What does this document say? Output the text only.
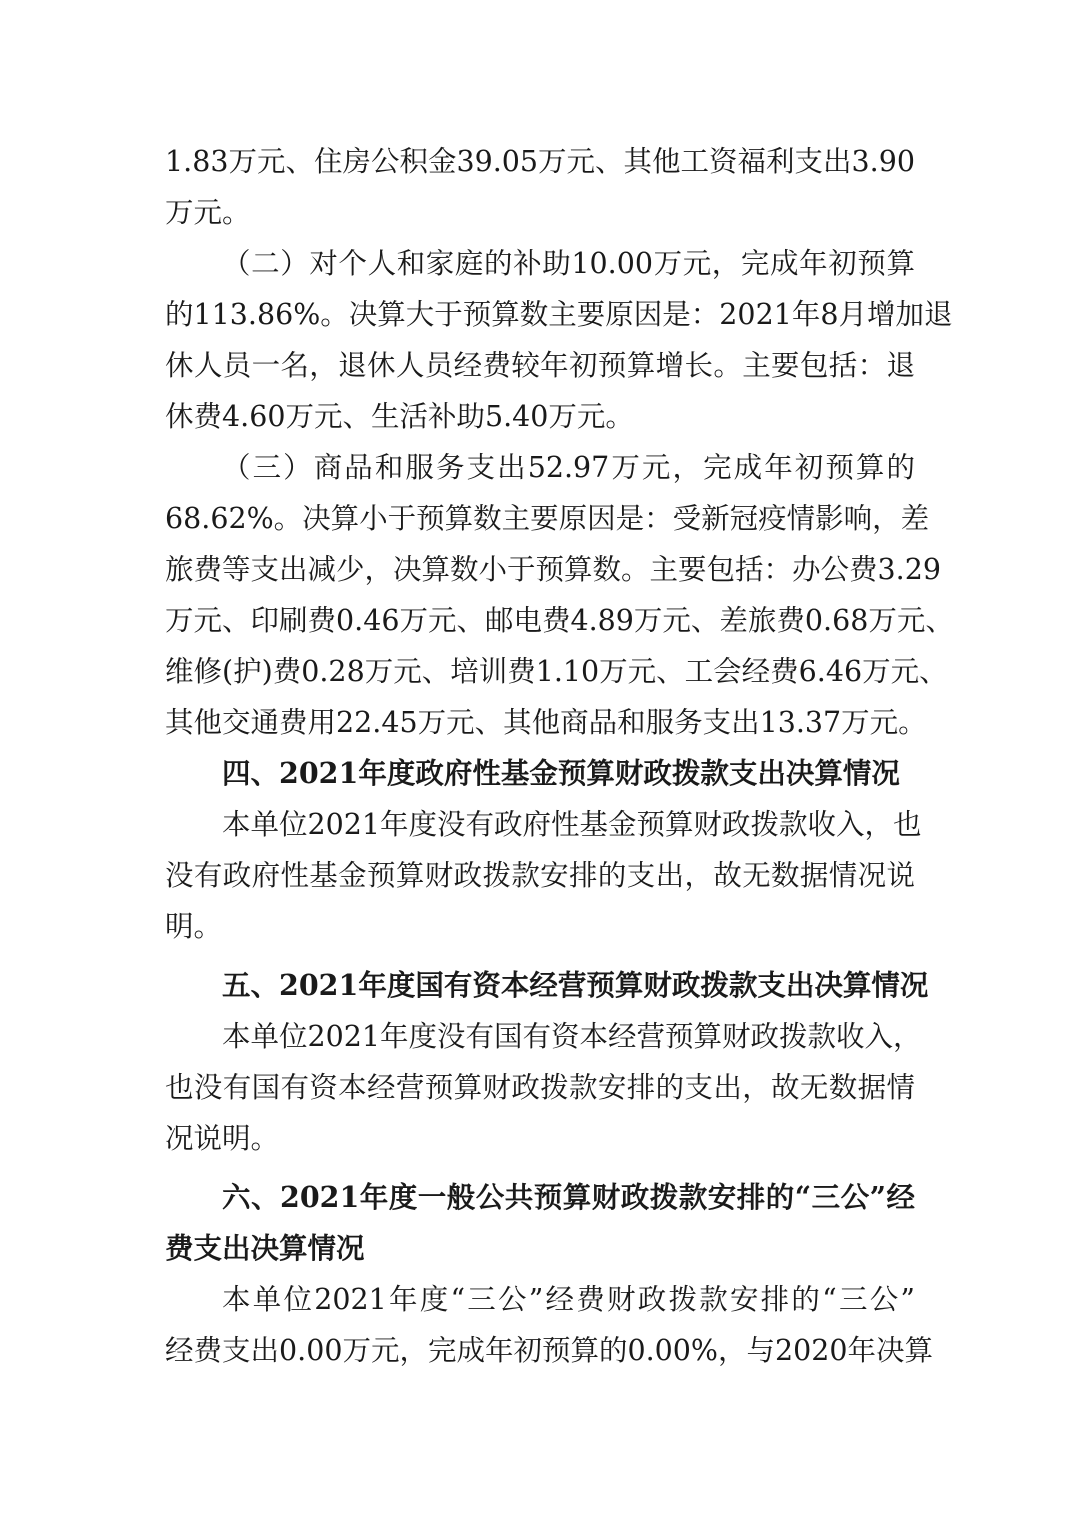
1.83万元、住房公积金39.05万元、其他工资福利支出3.90
万元。
（二）对个人和家庭的补助10.00万元，完成年初预算
的113.86%。决算大于预算数主要原因是：2021年8月增加退
休人员一名，退休人员经费较年初预算增长。主要包括：退
休费4.60万元、生活补助5.40万元。
（三）商品和服务支出52.97万元，完成年初预算的
68.62%。决算小于预算数主要原因是：受新冠疫情影响，差
旅费等支出减少，决算数小于预算数。主要包括：办公费3.29
万元、印刷费0.46万元、邮电费4.89万元、差旅费0.68万元、
维修(护)费0.28万元、培训费1.10万元、工会经费6.46万元、
其他交通费用22.45万元、其他商品和服务支出13.37万元。
四、2021年度政府性基金预算财政拨款支出决算情况
本单位2021年度没有政府性基金预算财政拨款收入，也
没有政府性基金预算财政拨款安排的支出，故无数据情况说
明。
五、2021年度国有资本经营预算财政拨款支出决算情况
本单位2021年度没有国有资本经营预算财政拨款收入，
也没有国有资本经营预算财政拨款安排的支出，故无数据情
况说明。
六、2021年度一般公共预算财政拨款安排的“三公”经
费支出决算情况
本单位2021年度“三公”经费财政拨款安排的“三公”
经费支出0.00万元，完成年初预算的0.00%，与2020年决算
